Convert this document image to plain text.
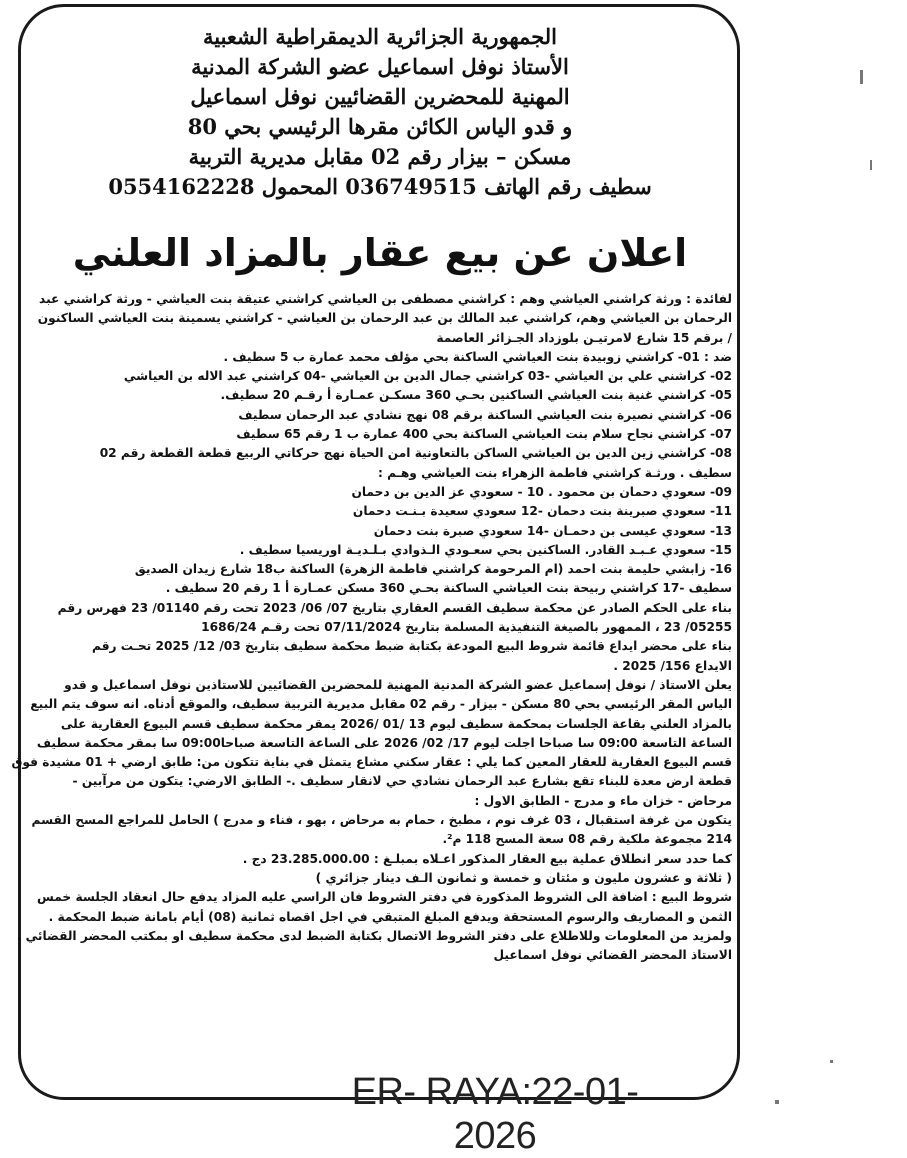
الجمهورية الجزائرية الديمقراطية الشعبية
الأستاذ نوفل اسماعيل عضو الشركة المدنية
المهنية للمحضرين القضائيين نوفل اسماعيل
و قدو الياس الكائن مقرها الرئيسي بحي 80
مسكن – بيزار رقم 02 مقابل مديرية التربية
سطيف رقم الهاتف 036749515 المحمول 0554162228
اعلان عن بيع عقار بالمزاد العلني

لفائدة : ورثة كراشني العياشي وهم : كراشني مصطفى بن العياشي كراشني عتيقة بنت العياشي - ورثة كراشني عبد

الرحمان بن العياشي وهم، كراشني عبد المالك بن عبد الرحمان بن العياشي - كراشني يسمينة بنت العياشي الساكنون

/ برقم 15 شارع لامرتيـن بلوزداد الجـزائر العاصمة

ضد : 01- كراشني زوبيدة بنت العياشي الساكنة بحي مؤلف محمد عمارة ب 5 سطيف .

02- كراشني علي بن العياشي -03 كراشني جمال الدين بن العياشي -04 كراشني عبد الاله بن العياشي

05- كراشني غنية بنت العياشي الساكنين بحـي 360 مسكـن عمـارة أ رقـم 20 سطيف.

06- كراشني نصيرة بنت العياشي الساكنة برقم 08 نهج نشادي عبد الرحمان سطيف

07- كراشني نجاح سلام بنت العياشي الساكنة بحي 400 عمارة ب 1 رقم 65 سطيف

08- كراشني زين الدين بن العياشي الساكن بالتعاونية امن الحياة نهج حركاتي الربيع قطعة القطعة رقم 02

سطيف . ورثـة كراشني فاطمة الزهراء بنت العياشي وهـم :

09- سعودي دحمان بن محمود . 10 - سعودي عز الدين بن دحمان

11- سعودي صبرينة بنت دحمان -12 سعودي سعيدة بـنـت دحمان

13- سعودي عيسى بن دحمـان -14 سعودي صبرة بنت دحمان

15- سعودي عـبـد القادر. الساكنين بحي سعـودي الـذوادي بـلـديـة اوريسيا سطيف .

16- زابشي حليمة بنت احمد (ام المرحومة كراشني فاطمة الزهرة) الساكنة ب18 شارع زيدان الصديق

سطيف -17 كراشني ربيحة بنت العياشي الساكنة بحـي 360 مسكن عمـارة أ 1 رقم 20 سطيف .

بناء على الحكم الصادر عن محكمة سطيف القسم العقاري بتاريخ 07/ 06/ 2023 تحت رقم 01140/ 23 فهرس رقم

05255/ 23 ، الممهور بالصيغة التنفيذية المسلمة بتاريخ 07/11/2024 تحت رقـم 1686/24

بناء على محضر ايداع قائمة شروط البيع المودعة بكتابة ضبط محكمة سطيف بتاريخ 03/ 12/ 2025 تحـت رقم

الايداع 156/ 2025 .

يعلن الاستاذ / نوفل إسماعيل عضو الشركة المدنية المهنية للمحضرين القضائيين للاستاذين نوفل اسماعيل و قدو

الياس المقر الرئيسي بحي 80 مسكن - بيزار - رقم 02 مقابل مديرية التربية سطيف، والموقع أدناه. انه سوف يتم البيع

بالمزاد العلني بقاعة الجلسات بمحكمة سطيف ليوم 13 /01 /2026 يمقر محكمة سطيف قسم البيوع العقارية على

الساعة التاسعة 09:00 سا صباحا اجلت ليوم 17/ 02/ 2026 على الساعة التاسعة صباحا09:00 سا بمقر محكمة سطيف

قسم البيوع العقارية للعقار المعين كما يلي : عقار سكني مشاع يتمثل في بناية تتكون من: طابق ارضي + 01 مشيدة فوق

قطعة ارض معدة للبناء تقع بشارع عبد الرحمان نشادي حي لانقار سطيف .- الطابق الارضي: يتكون من مرآبين -

مرحاض - خزان ماء و مدرج - الطابق الاول :

يتكون من غرفة استقبال ، 03 غرف نوم ، مطبخ ، حمام به مرحاض ، بهو ، فناء و مدرج ) الحامل للمراجع المسح القسم

214 مجموعة ملكية رقم 08 سعة المسح 118 م².

كما حدد سعر انطلاق عملية بيع العقار المذكور اعـلاه بمبلـغ : 23.285.000.00 دج .

( ثلاثة و عشرون مليون و مئتان و خمسة و ثمانون الـف دينار جزائري )

شروط البيع : اضافة الى الشروط المذكورة في دفتر الشروط فان الراسي عليه المزاد يدفع حال انعقاد الجلسة خمس

الثمن و المصاريف والرسوم المستحقة ويدفع المبلغ المتبقي في اجل اقصاه ثمانية (08) أيام بامانة ضبط المحكمة .

ولمزيد من المعلومات وللاطلاع على دفتر الشروط الاتصال بكتابة الضبط لدى محكمة سطيف او بمكتب المحضر القضائي .

الاستاذ المحضر القضائي نوفل اسماعيل

ER- RAYA:22-01-2026
